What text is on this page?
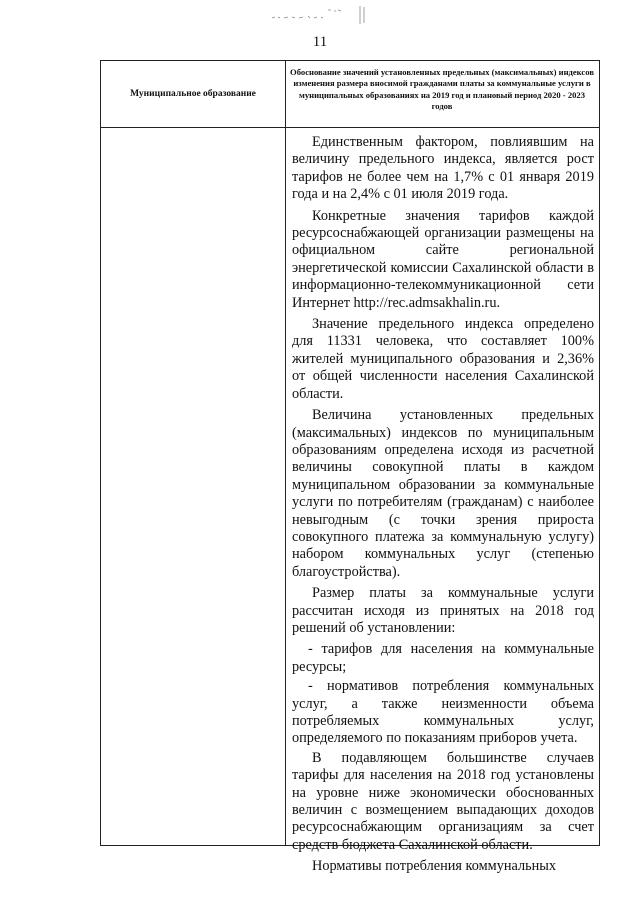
11
Муниципальное образование
Обоснование значений установленных предельных (максимальных) индексов изменения размера вносимой гражданами платы за коммунальные услуги в муниципальных образованиях на 2019 год и плановый период 2020 - 2023 годов

Единственным фактором, повлиявшим на величину предельного индекса, является рост тарифов не более чем на 1,7% с 01 января 2019 года и на 2,4% с 01 июля 2019 года.

Конкретные значения тарифов каждой ресурсоснабжающей организации размещены на официальном сайте региональной энергетической комиссии Сахалинской области в информационно-телекоммуникационной сети Интернет http://rec.admsakhalin.ru.

Значение предельного индекса определено для 11331 человека, что составляет 100% жителей муниципального образования и 2,36% от общей численности населения Сахалинской области.

Величина установленных предельных (максимальных) индексов по муниципальным образованиям определена исходя из расчетной величины совокупной платы в каждом муниципальном образовании за коммунальные услуги по потребителям (гражданам) с наиболее невыгодным (с точки зрения прироста совокупного платежа за коммунальную услугу) набором коммунальных услуг (степенью благоустройства).

Размер платы за коммунальные услуги рассчитан исходя из принятых на 2018 год решений об установлении:

- тарифов для населения на коммунальные ресурсы;

- нормативов потребления коммунальных услуг, а также неизменности объема потребляемых коммунальных услуг, определяемого по показаниям приборов учета.

В подавляющем большинстве случаев тарифы для населения на 2018 год установлены на уровне ниже экономически обоснованных величин с возмещением выпадающих доходов ресурсоснабжающим организациям за счет средств бюджета Сахалинской области.

Нормативы потребления коммунальных
